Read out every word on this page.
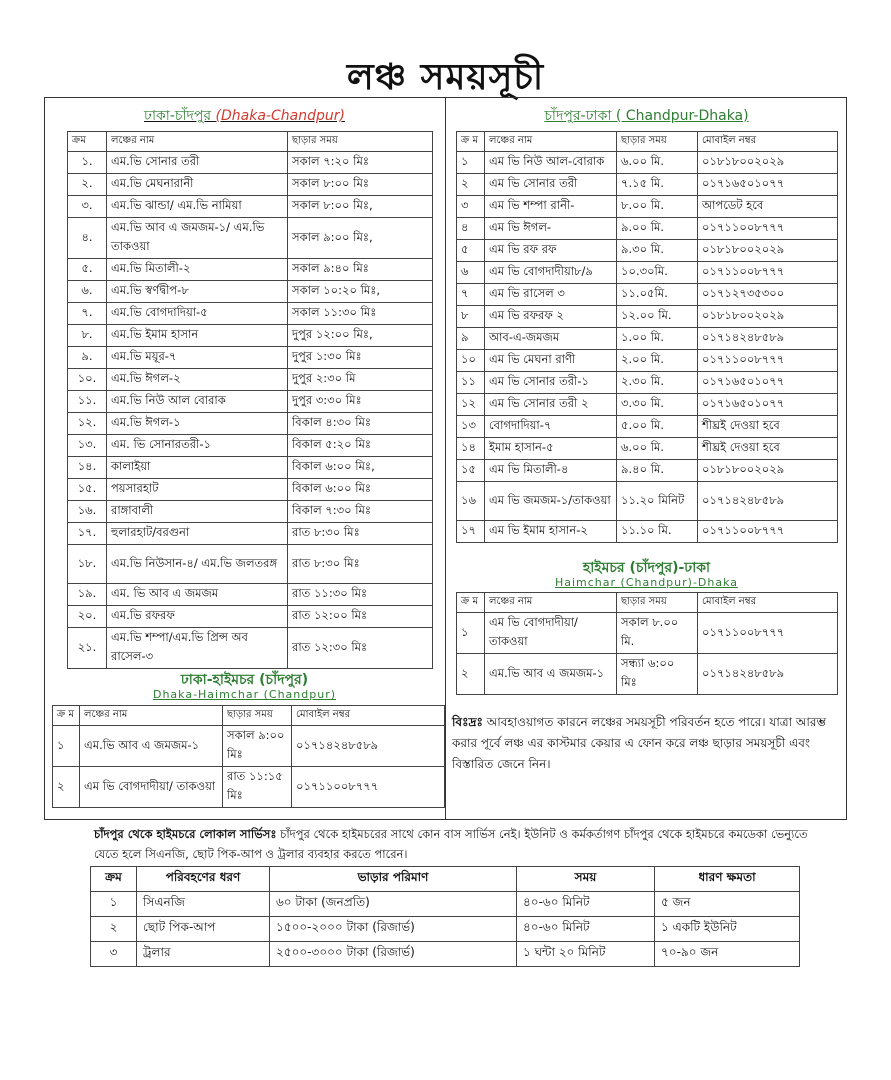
লঞ্চ সময়সূচী
ঢাকা-চাঁদপুর (Dhaka-Chandpur)
ক্রম	লঞ্চের নাম	ছাড়ার সময়
১.	এম.ভি সোনার তরী	সকাল ৭:২০ মিঃ
২.	এম.ভি মেঘনারানী	সকাল ৮:০০ মিঃ
৩.	এম.ভি ঝান্ডা/ এম.ভি নামিয়া	সকাল ৮:০০ মিঃ,
৪.	এম.ভি আব এ জমজম-১/ এম.ভি তাকওয়া	সকাল ৯:০০ মিঃ,
৫.	এম.ভি মিতালী-২	সকাল ৯:৪০ মিঃ
৬.	এম.ভি স্বর্ণদ্বীপ-৮	সকাল ১০:২০ মিঃ,
৭.	এম.ভি বোগদাদিয়া-৫	সকাল ১১:৩০ মিঃ
৮.	এম.ভি ইমাম হাসান	দুপুর ১২:০০ মিঃ,
৯.	এম.ভি ময়ূর-৭	দুপুর ১:৩০ মিঃ
১০.	এম.ভি ঈগল-২	দুপুর ২:৩০ মি
১১.	এম.ভি নিউ আল বোরাক	দুপুর ৩:৩০ মিঃ
১২.	এম.ভি ঈগল-১	বিকাল ৪:৩০ মিঃ
১৩.	এম. ভি সোনারতরী-১	বিকাল ৫:২০ মিঃ
১৪.	কালাইয়া	বিকাল ৬:০০ মিঃ,
১৫.	পয়সারহাট	বিকাল ৬:০০ মিঃ
১৬.	রাঙ্গাবালী	বিকাল ৭:৩০ মিঃ
১৭.	হুলারহাট/বরগুনা	রাত ৮:৩০ মিঃ
১৮.	এম.ভি নিউসান-৪/ এম.ভি জলতরঙ্গ	রাত ৮:৩০ মিঃ
১৯.	এম. ভি আব এ জমজম	রাত ১১:৩০ মিঃ
২০.	এম.ভি রফরফ	রাত ১২:০০ মিঃ
২১.	এম.ভি শম্পা/এম.ভি প্রিন্স অব রাসেল-৩	রাত ১২:৩০ মিঃ
ঢাকা-হাইমচর (চাঁদপুর)
Dhaka-Haimchar (Chandpur)
ক্র ম	লঞ্চের নাম	ছাড়ার সময়	মোবাইল নম্বর
১	এম.ভি আব এ জমজম-১	সকাল ৯:০০ মিঃ	০১৭১৪২৪৮৫৮৯
২	এম ভি বোগদাদীয়া/ তাকওয়া	রাত ১১:১৫ মিঃ	০১৭১১০০৮৭৭৭
চাঁদপুর-ঢাকা ( Chandpur-Dhaka)
ক্র ম	লঞ্চের নাম	ছাড়ার সময়	মোবাইল নম্বর
১	এম ভি নিউ আল-বোরাক	৬.০০ মি.	০১৮১৮০০২০২৯
২	এম ভি সোনার তরী	৭.১৫ মি.	০১৭১৬৫০১০৭৭
৩	এম ভি শম্পা রানী-	৮.০০ মি.	আপডেট হবে
৪	এম ভি ঈগল-	৯.০০ মি.	০১৭১১০০৮৭৭৭
৫	এম ভি রফ রফ	৯.৩০ মি.	০১৮১৮০০২০২৯
৬	এম ভি বোগদাদীয়া৮/৯	১০.৩০মি.	০১৭১১০০৮৭৭৭
৭	এম ভি রাসেল ৩	১১.০৫মি.	০১৭১২৭৩৫৩০০
৮	এম ভি রফরফ ২	১২.০০ মি.	০১৮১৮০০২০২৯
৯	আব-এ-জমজম	১.০০ মি.	০১৭১৪২৪৮৫৮৯
১০	এম ভি মেঘনা রাণী	২.০০ মি.	০১৭১১০০৮৭৭৭
১১	এম ভি সোনার তরী-১	২.৩০ মি.	০১৭১৬৫০১০৭৭
১২	এম ভি সোনার তরী ২	৩.৩০ মি.	০১৭১৬৫০১০৭৭
১৩	বোগদাদিয়া-৭	৫.০০ মি.	শীঘ্রই দেওয়া হবে
১৪	ইমাম হাসান-৫	৬.০০ মি.	শীঘ্রই দেওয়া হবে
১৫	এম ভি মিতালী-৪	৯.৪০ মি.	০১৮১৮০০২০২৯
১৬	এম ভি জমজম-১/তাকওয়া	১১.২০ মিনিট	০১৭১৪২৪৮৫৮৯
১৭	এম ভি ইমাম হাসান-২	১১.১০ মি.	০১৭১১০০৮৭৭৭
হাইমচর (চাঁদপুর)-ঢাকা
Haimchar (Chandpur)-Dhaka
ক্র ম	লঞ্চের নাম	ছাড়ার সময়	মোবাইল নম্বর
১	এম ভি বোগদাদীয়া/তাকওয়া	সকাল ৮.০০ মি.	০১৭১১০০৮৭৭৭
২	এম.ভি আব এ জমজম-১	সন্ধ্যা ৬:০০ মিঃ	০১৭১৪২৪৮৫৮৯
বিঃদ্রঃ আবহাওয়াগত কারনে লঞ্চের সময়সূচী পরিবর্তন হতে পারে। যাত্রা আরম্ভ করার পূর্বে লঞ্চ এর কাস্টমার কেয়ার এ ফোন করে লঞ্চ ছাড়ার সময়সূচী এবং বিস্তারিত জেনে নিন।
চাঁদপুর থেকে হাইমচরে লোকাল সার্ভিসঃ চাঁদপুর থেকে হাইমচরের সাথে কোন বাস সার্ভিস নেই। ইউনিট ও কর্মকর্তাগণ চাঁদপুর থেকে হাইমচরে কমডেকা ভেন্যুতে যেতে হলে সিএনজি, ছোট পিক-আপ ও ট্রলার ব্যবহার করতে পারেন।
ক্রম	পরিবহণের ধরণ	ভাড়ার পরিমাণ	সময়	ধারণ ক্ষমতা
১	সিএনজি	৬০ টাকা (জনপ্রতি)	৪০-৬০ মিনিট	৫ জন
২	ছোট পিক-আপ	১৫০০-২০০০ টাকা (রিজার্ভ)	৪০-৬০ মিনিট	১ একটি ইউনিট
৩	ট্রলার	২৫০০-৩০০০ টাকা (রিজার্ভ)	১ ঘন্টা ২০ মিনিট	৭০-৯০ জন
